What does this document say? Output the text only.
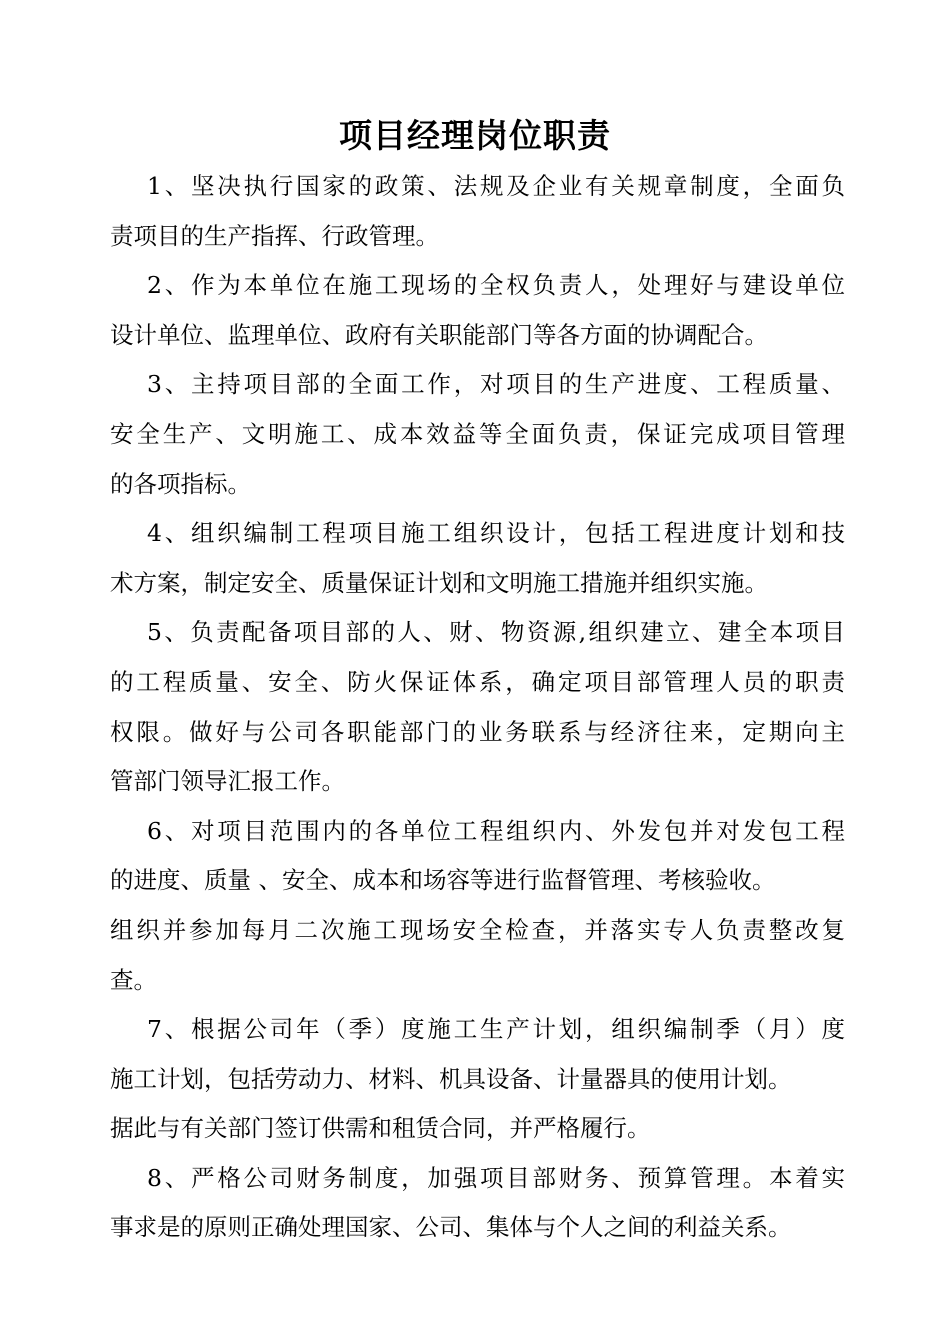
项目经理岗位职责
1、坚决执行国家的政策、法规及企业有关规章制度，全面负
责项目的生产指挥、行政管理。
2、作为本单位在施工现场的全权负责人，处理好与建设单位
设计单位、监理单位、政府有关职能部门等各方面的协调配合。
3、主持项目部的全面工作，对项目的生产进度、工程质量、
安全生产、文明施工、成本效益等全面负责，保证完成项目管理
的各项指标。
4、组织编制工程项目施工组织设计，包括工程进度计划和技
术方案，制定安全、质量保证计划和文明施工措施并组织实施。
5、负责配备项目部的人、财、物资源,组织建立、建全本项目
的工程质量、安全、防火保证体系，确定项目部管理人员的职责
权限。做好与公司各职能部门的业务联系与经济往来，定期向主
管部门领导汇报工作。
6、对项目范围内的各单位工程组织内、外发包并对发包工程
的进度、质量 、安全、成本和场容等进行监督管理、考核验收。
组织并参加每月二次施工现场安全检查，并落实专人负责整改复
查。
7、根据公司年（季）度施工生产计划，组织编制季（月）度
施工计划，包括劳动力、材料、机具设备、计量器具的使用计划。
据此与有关部门签订供需和租赁合同，并严格履行。
8、严格公司财务制度，加强项目部财务、预算管理。本着实
事求是的原则正确处理国家、公司、集体与个人之间的利益关系。
